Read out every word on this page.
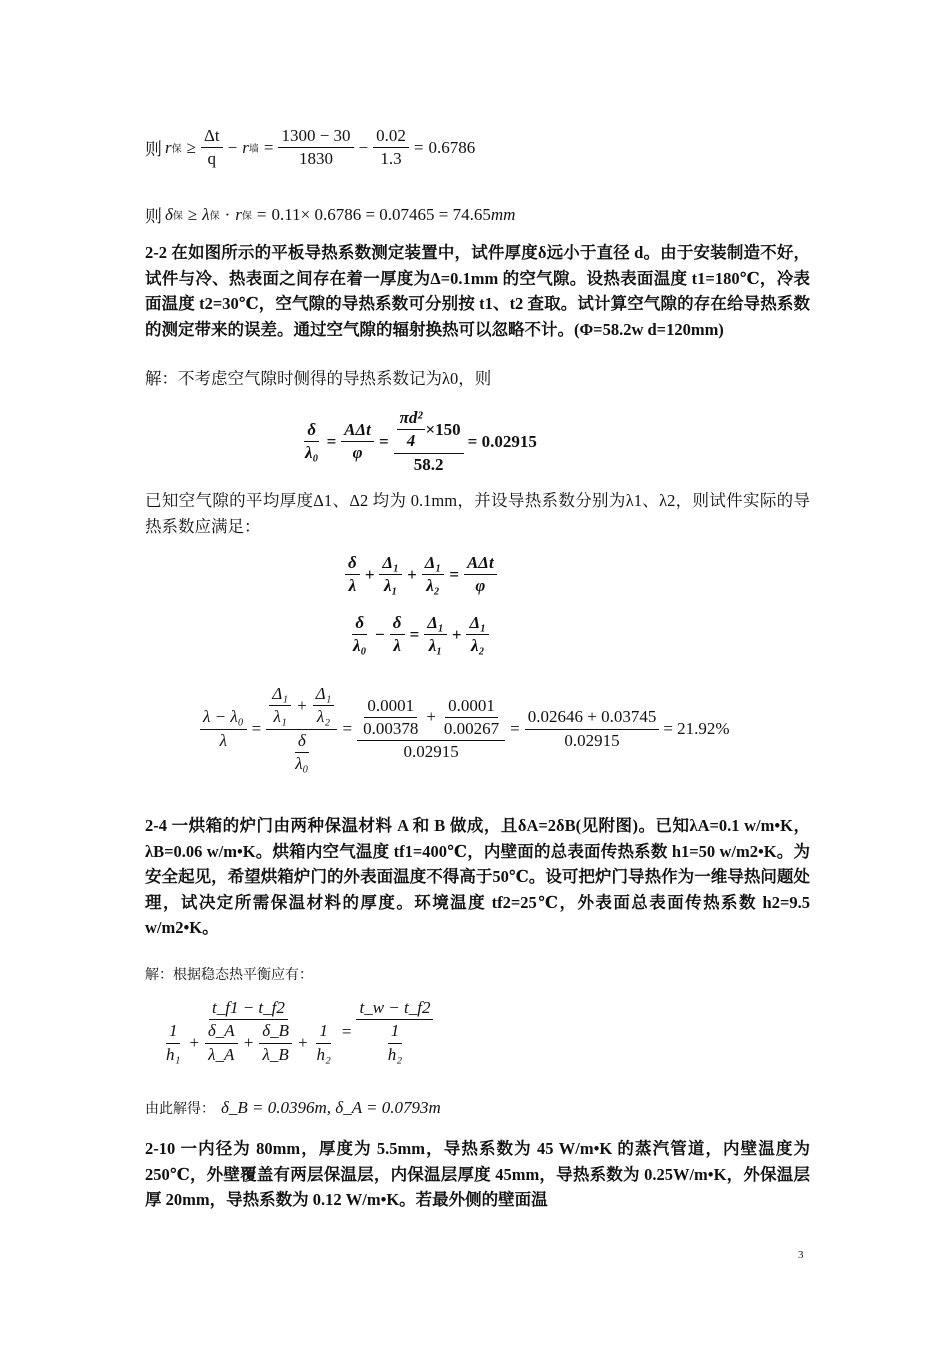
则 r 保 ≥ $\frac{\Delta t}{q} - r$ 墙 = $\frac{1300 - 30}{1830} - \frac{0.02}{1.3} = 0.6786$
则 δ 保 ≥ λ 保 · r 保 = 0.11× 0.6786 = 0.07465 = 74.65 mm
2-2 在如图所示的平板导热系数测定装置中，试件厚度δ远小于直径 d。由于安装制造不好，试件与冷、热表面之间存在着一厚度为Δ=0.1mm 的空气隙。设热表面温度 t1=180℃，冷表面温度 t2=30℃，空气隙的导热系数可分别按 t1、t2 查取。试计算空气隙的存在给导热系数的测定带来的误差。通过空气隙的辐射换热可以忽略不计。(Φ=58.2w d=120mm)
解：不考虑空气隙时侧得的导热系数记为λ0，则
$\frac{\delta}{\text{λ₀}} = \frac{\text{AΔt}}{\varphi} = \frac{\frac{\text{πd²}}{4} \times 150}{58.2} = 0.02915$
已知空气隙的平均厚度Δ1、Δ2 均为 0.1mm，并设导热系数分别为λ1、λ2，则试件实际的导热系数应满足：
$\frac{\delta}{\lambda} + \frac{\text{Δ₁}}{\text{λ₁}} + \frac{\text{Δ₁}}{\text{λ₂}} = \frac{\text{AΔt}}{\varphi}$
$\frac{\delta}{\text{λ₀}} - \frac{\delta}{\lambda} = \frac{\text{Δ₁}}{\text{λ₁}} + \frac{\text{Δ₁}}{\text{λ₂}}$
$\frac{\text{λ − λ₀}}{\lambda} = \frac{\frac{\text{Δ₁}}{\text{λ₁}} + \frac{\text{Δ₁}}{\text{λ₂}}}{\frac{\delta}{\text{λ₀}}} = \frac{\frac{0.0001}{0.00378} + \frac{0.0001}{0.00267}}{0.02915} = \frac{0.02646 + 0.03745}{0.02915} = 21.92\%$
2-4 一烘箱的炉门由两种保温材料 A 和 B 做成，且δA=2δB(见附图)。已知λA=0.1 w/m•K，λB=0.06 w/m•K。烘箱内空气温度 tf1=400℃，内壁面的总表面传热系数 h1=50 w/m2•K。为安全起见，希望烘箱炉门的外表面温度不得高于50℃。设可把炉门导热作为一维导热问题处理，试决定所需保温材料的厚度。环境温度 tf2=25℃，外表面总表面传热系数 h2=9.5 w/m2•K。
解：根据稳态热平衡应有：
t_f1 − t_f2
$\frac{1}{\text{h₁}} + \frac{\delta\_A}{\lambda\_A} + \frac{\delta\_B}{\lambda\_B} + \frac{1}{\text{h₂}} = \frac{t\_w - t\_f2}{\frac{1}{\text{h₂}}}$
由此解得： δ_B = 0.0396m, δ_A = 0.0793m
2-10 一内径为 80mm，厚度为 5.5mm，导热系数为 45 W/m•K 的蒸汽管道，内壁温度为 250℃，外壁覆盖有两层保温层，内保温层厚度 45mm，导热系数为 0.25W/m•K，外保温层厚 20mm，导热系数为 0.12 W/m•K。若最外侧的壁面温
3
